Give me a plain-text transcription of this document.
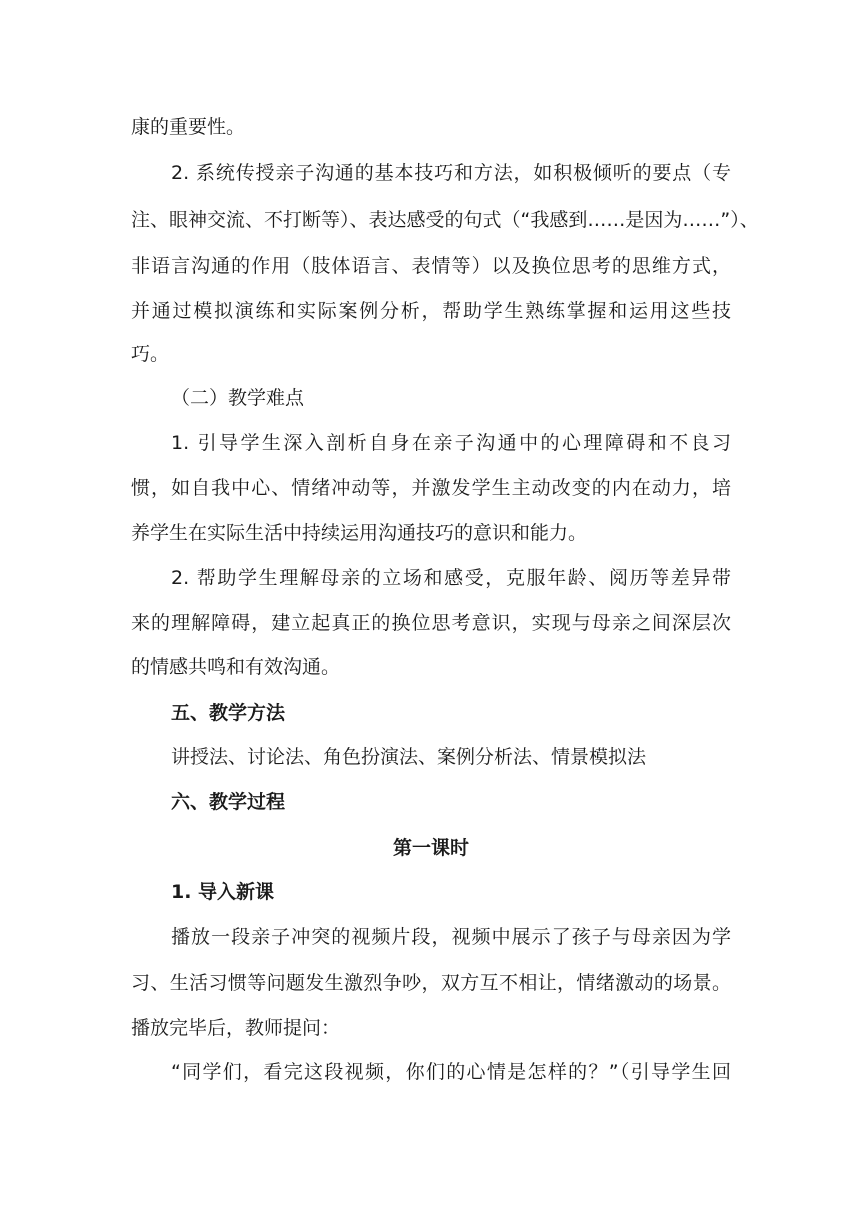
康的重要性。
2. 系统传授亲子沟通的基本技巧和方法，如积极倾听的要点（专
注、眼神交流、不打断等）、表达感受的句式（“我感到……是因为……”）、
非语言沟通的作用（肢体语言、表情等）以及换位思考的思维方式，
并通过模拟演练和实际案例分析，帮助学生熟练掌握和运用这些技
巧。
（二）教学难点
1. 引导学生深入剖析自身在亲子沟通中的心理障碍和不良习
惯，如自我中心、情绪冲动等，并激发学生主动改变的内在动力，培
养学生在实际生活中持续运用沟通技巧的意识和能力。
2. 帮助学生理解母亲的立场和感受，克服年龄、阅历等差异带
来的理解障碍，建立起真正的换位思考意识，实现与母亲之间深层次
的情感共鸣和有效沟通。
五、教学方法
讲授法、讨论法、角色扮演法、案例分析法、情景模拟法
六、教学过程
第一课时
1. 导入新课
播放一段亲子冲突的视频片段，视频中展示了孩子与母亲因为学
习、生活习惯等问题发生激烈争吵，双方互不相让，情绪激动的场景。
播放完毕后，教师提问：
“同学们，看完这段视频，你们的心情是怎样的？”（引导学生回
